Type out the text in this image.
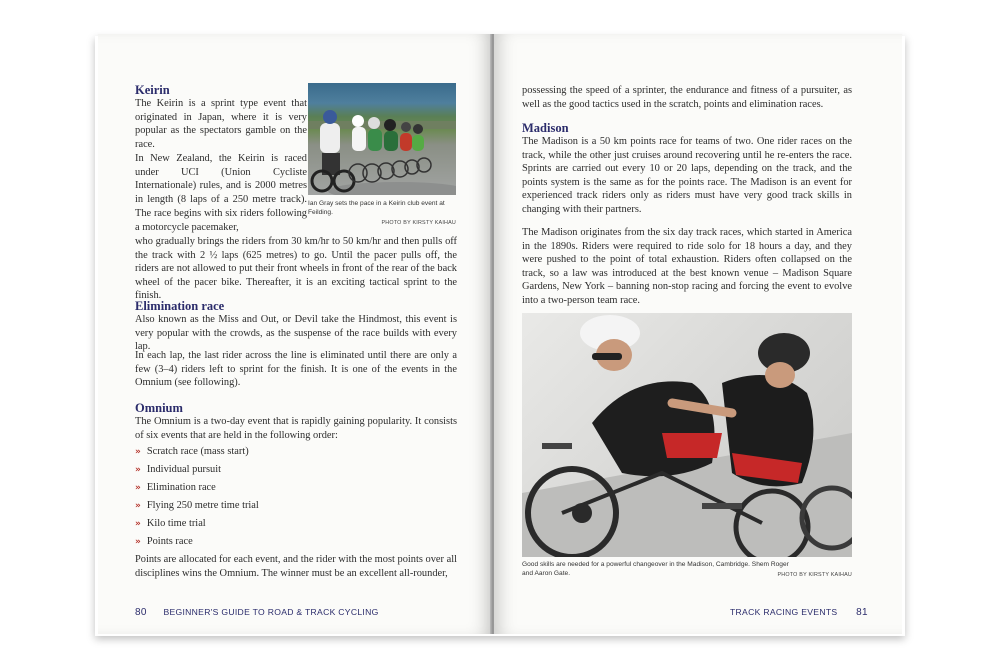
Keirin

The Keirin is a sprint type event that originated in Japan, where it is very popular as the spectators gamble on the race.

In New Zealand, the Keirin is raced under UCI (Union Cycliste Internationale) rules, and is 2000 metres in length (8 laps of a 250 metre track). The race begins with six riders following a motorcycle pacemaker,

who gradually brings the riders from 30 km/hr to 50 km/hr and then pulls off the track with 2 ½ laps (625 metres) to go. Until the pacer pulls off, the riders are not allowed to put their front wheels in front of the rear of the back wheel of the pacer bike. Thereafter, it is an exciting tactical sprint to the finish.

Ian Gray sets the pace in a Keirin club event at Feilding.
PHOTO BY KIRSTY KAIHAU
Elimination race

Also known as the Miss and Out, or Devil take the Hindmost, this event is very popular with the crowds, as the suspense of the race builds with every lap.

In each lap, the last rider across the line is eliminated until there are only a few (3–4) riders left to sprint for the finish. It is one of the events in the Omnium (see following).

Omnium

The Omnium is a two-day event that is rapidly gaining popularity. It consists of six events that are held in the following order:

» Scratch race (mass start)
» Individual pursuit
» Elimination race
» Flying 250 metre time trial
» Kilo time trial
» Points race

Points are allocated for each event, and the rider with the most points over all disciplines wins the Omnium. The winner must be an excellent all-rounder,

80 BEGINNER'S GUIDE TO ROAD & TRACK CYCLING

possessing the speed of a sprinter, the endurance and fitness of a pursuiter, as well as the good tactics used in the scratch, points and elimination races.

Madison

The Madison is a 50 km points race for teams of two. One rider races on the track, while the other just cruises around recovering until he re-enters the race. Sprints are carried out every 10 or 20 laps, depending on the track, and the points system is the same as for the points race. The Madison is an event for experienced track riders only as riders must have very good track skills in changing with their partners.

The Madison originates from the six day track races, which started in America in the 1890s. Riders were required to ride solo for 18 hours a day, and they were pushed to the point of total exhaustion. Riders often collapsed on the track, so a law was introduced at the best known venue – Madison Square Gardens, New York – banning non-stop racing and forcing the event to evolve into a two-person team race.

Good skills are needed for a powerful changeover in the Madison, Cambridge. Shem Roger and Aaron Gate.	PHOTO BY KIRSTY KAIHAU
TRACK RACING EVENTS 81
